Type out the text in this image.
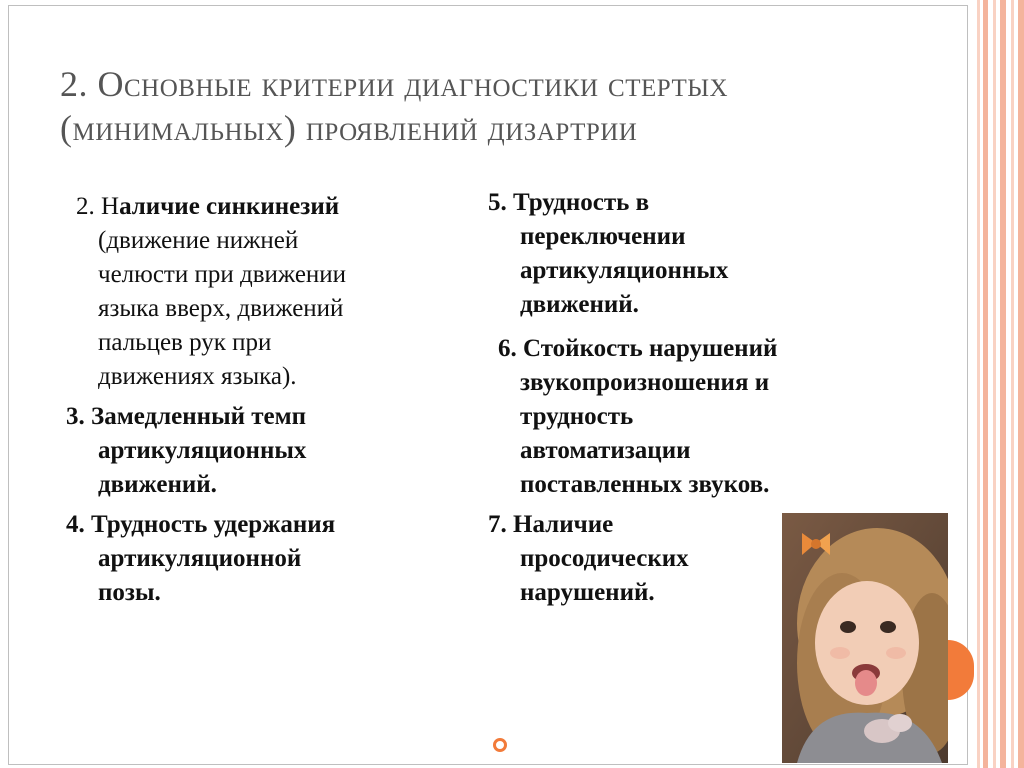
2. Основные критерии диагностики стертых
(минимальных) проявлений дизартрии
2. Наличие синкинезий
(движение нижней
челюсти при движении
языка вверх, движений
пальцев рук при
движениях языка).
3. Замедленный темп
артикуляционных
движений.
4. Трудность удержания
артикуляционной
позы.
5. Трудность в
переключении
артикуляционных
движений.
6. Стойкость нарушений
звукопроизношения и
трудность
автоматизации
поставленных звуков.
7. Наличие
просодических
нарушений.
